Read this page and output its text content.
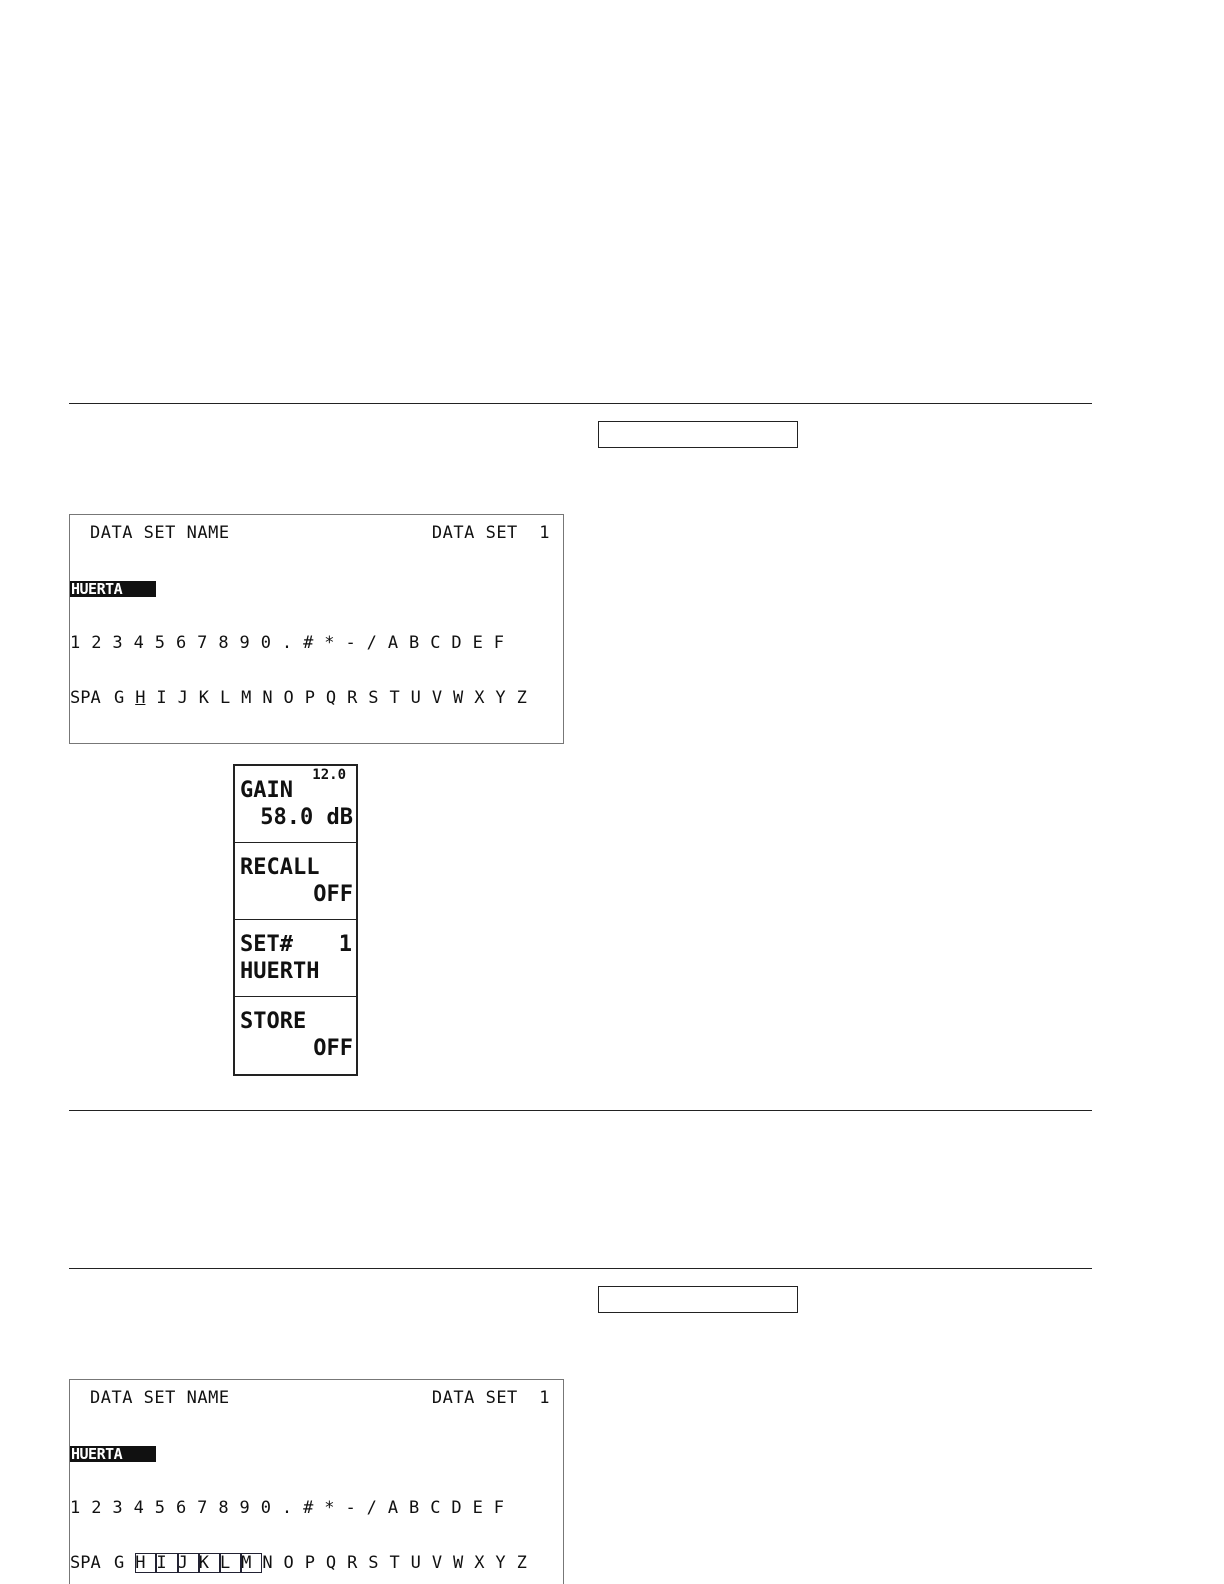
DATA SET NAME	DATA SET  1
HUERTA
1 2 3 4 5 6 7 8 9 0 . # * - / A B C D E F
SPA G H I J K L M N O P Q R S T U V W X Y Z
12.0
GAIN
58.0 dB
RECALL
OFF
SET# 1
HUERTH
STORE
OFF
DATA SET NAME	DATA SET  1
HUERTA
1 2 3 4 5 6 7 8 9 0 . # * - / A B C D E F
SPA G H I J K L M N O P Q R S T U V W X Y Z
